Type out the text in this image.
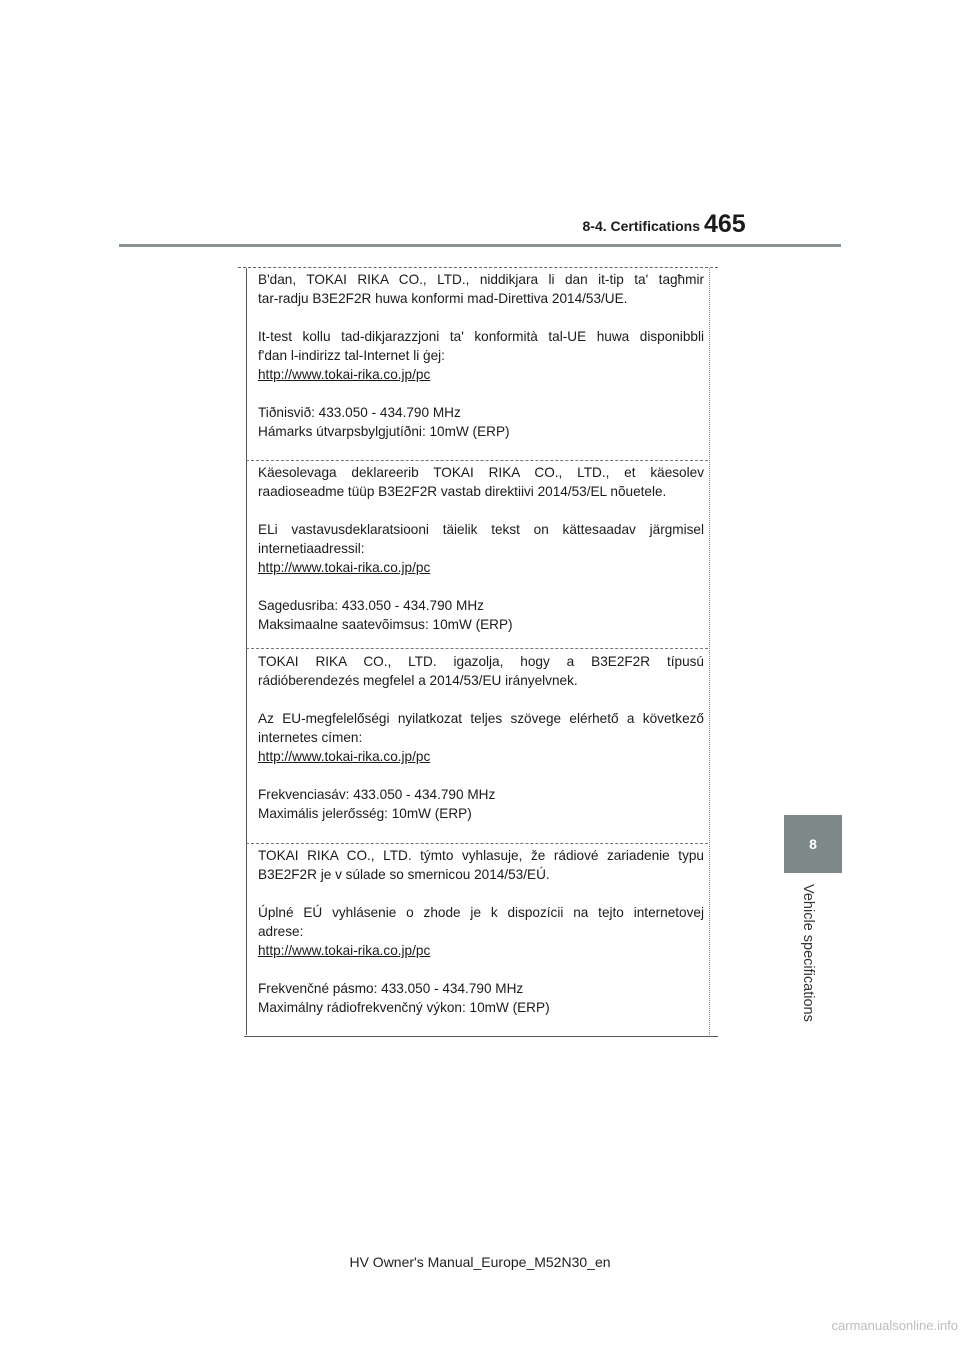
8-4. Certifications 465
8
Vehicle specifications

B'dan, TOKAI RIKA CO., LTD., niddikjara li dan it-tip ta' tagħmir

tar-radju B3E2F2R huwa konformi mad-Direttiva 2014/53/UE.

It-test kollu tad-dikjarazzjoni ta' konformità tal-UE huwa disponibbli

f'dan l-indirizz tal-Internet li ġej:

http://www.tokai-rika.co.jp/pc

Tiðnisvið: 433.050 - 434.790 MHz

Hámarks útvarpsbylgjutíðni: 10mW (ERP)

Käesolevaga deklareerib TOKAI RIKA CO., LTD., et käesolev

raadioseadme tüüp B3E2F2R vastab direktiivi 2014/53/EL nõuetele.

ELi vastavusdeklaratsiooni täielik tekst on kättesaadav järgmisel

internetiaadressil:

http://www.tokai-rika.co.jp/pc

Sagedusriba: 433.050 - 434.790 MHz

Maksimaalne saatevõimsus: 10mW (ERP)

TOKAI RIKA CO., LTD. igazolja, hogy a B3E2F2R típusú

rádióberendezés megfelel a 2014/53/EU irányelvnek.

Az EU-megfelelőségi nyilatkozat teljes szövege elérhető a következő

internetes címen:

http://www.tokai-rika.co.jp/pc

Frekvenciasáv: 433.050 - 434.790 MHz

Maximális jelerősség: 10mW (ERP)

TOKAI RIKA CO., LTD. týmto vyhlasuje, že rádiové zariadenie typu

B3E2F2R je v súlade so smernicou 2014/53/EÚ.

Úplné EÚ vyhlásenie o zhode je k dispozícii na tejto internetovej

adrese:

http://www.tokai-rika.co.jp/pc

Frekvenčné pásmo: 433.050 - 434.790 MHz

Maximálny rádiofrekvenčný výkon: 10mW (ERP)

HV Owner's Manual_Europe_M52N30_en
carmanualsonline.info
